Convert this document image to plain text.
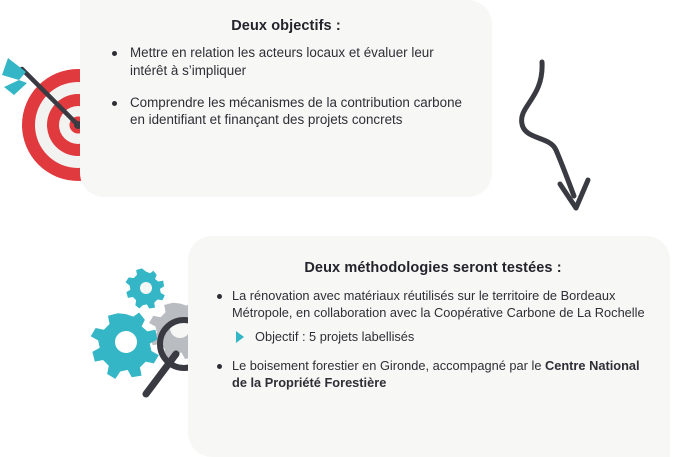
Deux objectifs :
Mettre en relation les acteurs locaux et évaluer leur intérêt à s’impliquer
Comprendre les mécanismes de la contribution carbone en identifiant et finançant des projets concrets
Deux méthodologies seront testées :
La rénovation avec matériaux réutilisés sur le territoire de Bordeaux Métropole, en collaboration avec la Coopérative Carbone de La Rochelle
Objectif : 5 projets labellisés
Le boisement forestier en Gironde, accompagné par le Centre National de la Propriété Forestière
